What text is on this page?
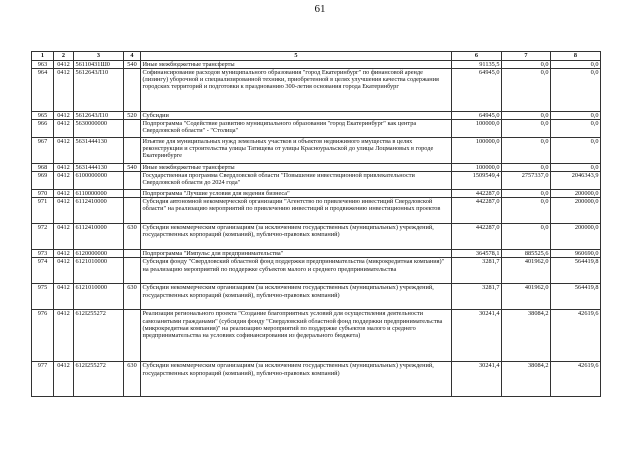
61
1	2	3	4	5	6	7	8
963	0412	56110431Ш0	540	Иные межбюджетные трансферты	91135,5	0,0	0,0
964	0412	5612643Л10		Софинансирование расходов муниципального образования "город Екатеринбург" по финансовой аренде (лизингу) уборочной и специализированной техники, приобретенной в целях улучшения качества содержания городских территорий и подготовки к празднованию 300-летия основания города Екатеринбург	64945,0	0,0	0,0
965	0412	5612643Л10	520	Субсидии	64945,0	0,0	0,0
966	0412	5630000000		Подпрограмма "Содействие развитию муниципального образования "город Екатеринбург" как центра Свердловской области" - "Столица"	100000,0	0,0	0,0
967	0412	5631444130		Изъятие для муниципальных нужд земельных участков и объектов недвижимого имущества в целях реконструкции и строительства улицы Татищева от улицы Красноуральской до улицы Лоцмановых в городе Екатеринбурге	100000,0	0,0	0,0
968	0412	5631444130	540	Иные межбюджетные трансферты	100000,0	0,0	0,0
969	0412	6100000000		Государственная программа Свердловской области "Повышение инвестиционной привлекательности Свердловской области до 2024 года"	1509549,4	2757337,0	2046343,9
970	0412	6110000000		Подпрограмма "Лучшие условия для ведения бизнеса"	442287,0	0,0	200000,0
971	0412	6112410000		Субсидия автономной некоммерческой организации "Агентство по привлечению инвестиций Свердловской области" на реализацию мероприятий по привлечению инвестиций и продвижению инвестиционных проектов	442287,0	0,0	200000,0
972	0412	6112410000	630	Субсидии некоммерческим организациям (за исключением государственных (муниципальных) учреждений, государственных корпораций (компаний), публично-правовых компаний)	442287,0	0,0	200000,0
973	0412	6120000000		Подпрограмма "Импульс для предпринимательства"	364578,1	885525,6	960690,0
974	0412	6121010000		Субсидия фонду "Свердловский областной фонд поддержки предпринимательства (микрокредитная компания)" на реализацию мероприятий по поддержке субъектов малого и среднего предпринимательства	3281,7	401962,0	564419,8
975	0412	6121010000	630	Субсидии некоммерческим организациям (за исключением государственных (муниципальных) учреждений, государственных корпораций (компаний), публично-правовых компаний)	3281,7	401962,0	564419,8
976	0412	612I255272		Реализация регионального проекта "Создание благоприятных условий для осуществления деятельности самозанятыми гражданами" (субсидия фонду "Свердловский областной фонд поддержки предпринимательства (микрокредитная компания)" на реализацию мероприятий по поддержке субъектов малого и среднего предпринимательства на условиях софинансирования из федерального бюджета)	30241,4	38084,2	42619,6
977	0412	612I255272	630	Субсидии некоммерческим организациям (за исключением государственных (муниципальных) учреждений, государственных корпораций (компаний), публично-правовых компаний)	30241,4	38084,2	42619,6
